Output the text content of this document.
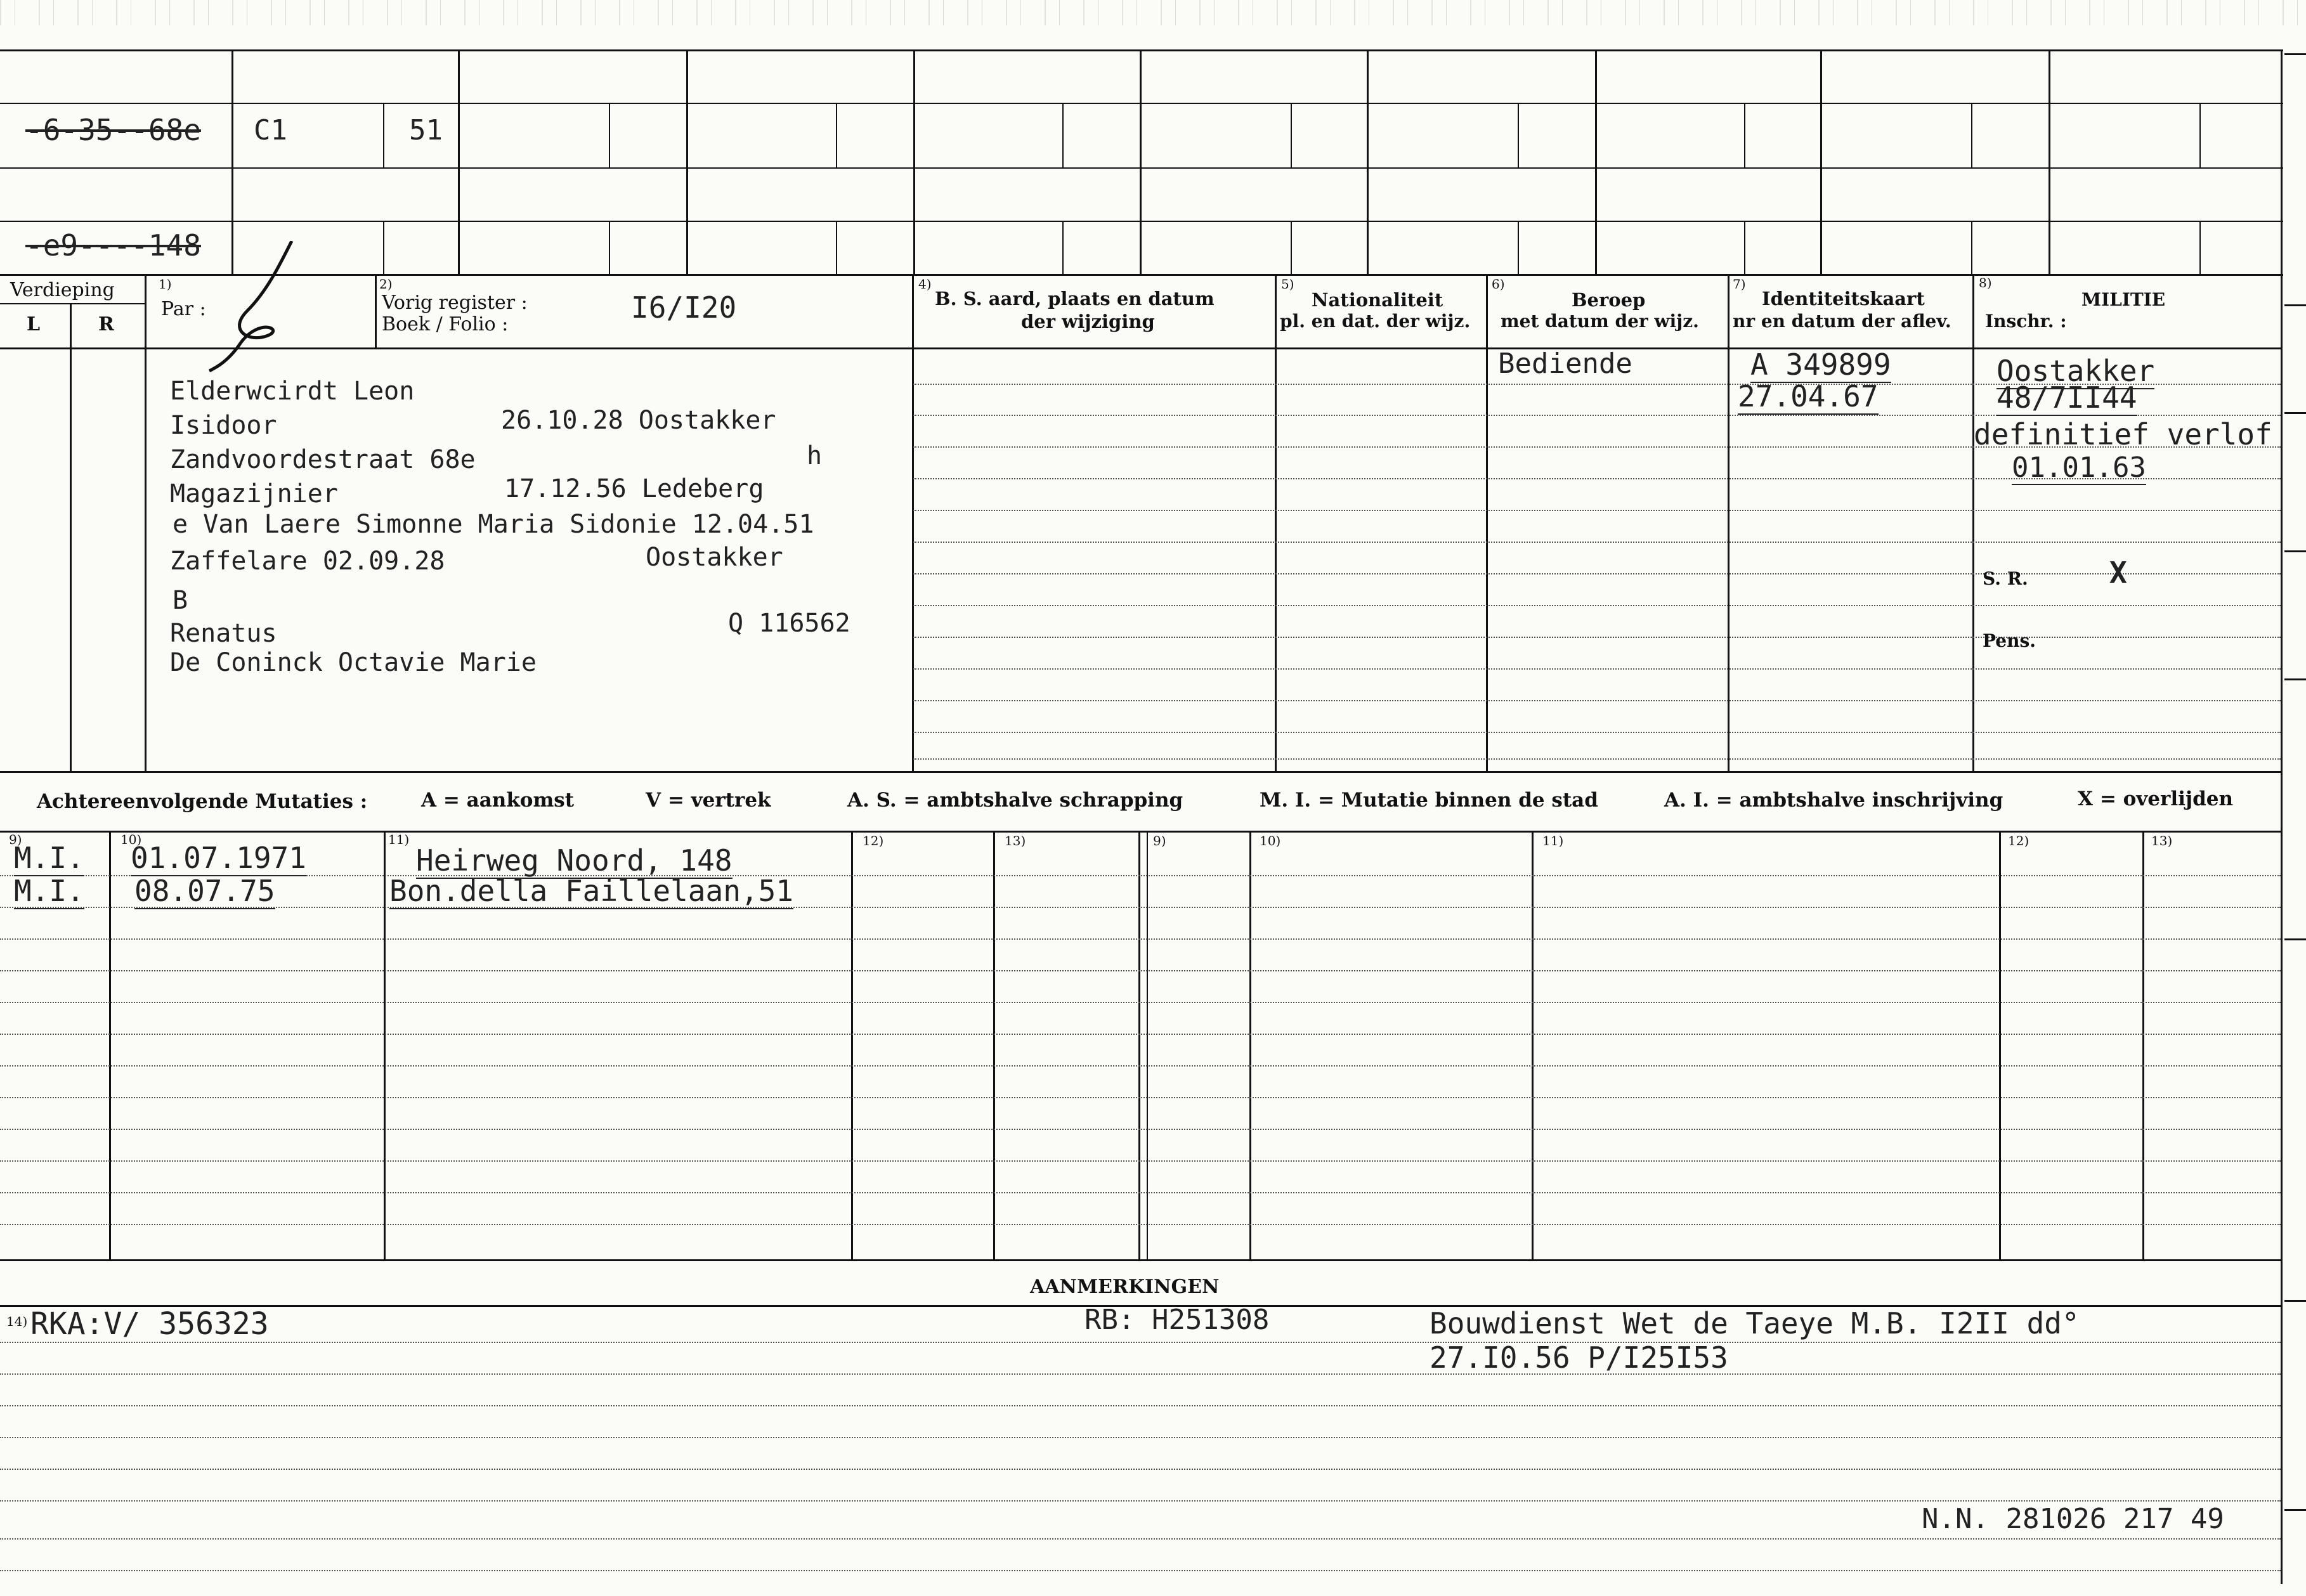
-6-35--68e C1	51
-e9----148
Verdieping
L	R
1)
Par :
2)
Vorig register :
Boek / Folio :	I6/I20
4)
B. S. aard, plaats en datum
der wijziging
5)
Nationaliteit
pl. en dat. der wijz.
6)
Beroep
met datum der wijz.
7)
Identiteitskaart
nr en datum der aflev.
8)
MILITIE
Inschr. :
Elderwcirdt Leon
Isidoor	26.10.28 Oostakker
Zandvoordestraat 68e	h
Magazijnier	17.12.56 Ledeberg
e Van Laere Simonne Maria Sidonie 12.04.51
Zaffelare 02.09.28	Oostakker
B
Renatus	Q 116562
De Coninck Octavie Marie
Bediende	A 349899
27.04.67
Oostakker
48/7II44
definitief verlof
01.01.63
S. R.	X
Pens.
Achtereenvolgende Mutaties :	A = aankomst	V = vertrek	A. S. = ambtshalve schrapping	M. I. = Mutatie binnen de stad	A. I. = ambtshalve inschrijving	X = overlijden
9)	10)	11)	12)	13)	9)	10)	11)	12)	13)
M.I. 01.07.1971	Heirweg Noord, 148
M.I. 08.07.75	Bon.della Faillelaan,51
AANMERKINGEN
14) RKA:V/ 356323	RB: H251308	Bouwdienst Wet de Taeye M.B. I2II dd°
27.I0.56 P/I25I53
N.N. 281026 217 49
